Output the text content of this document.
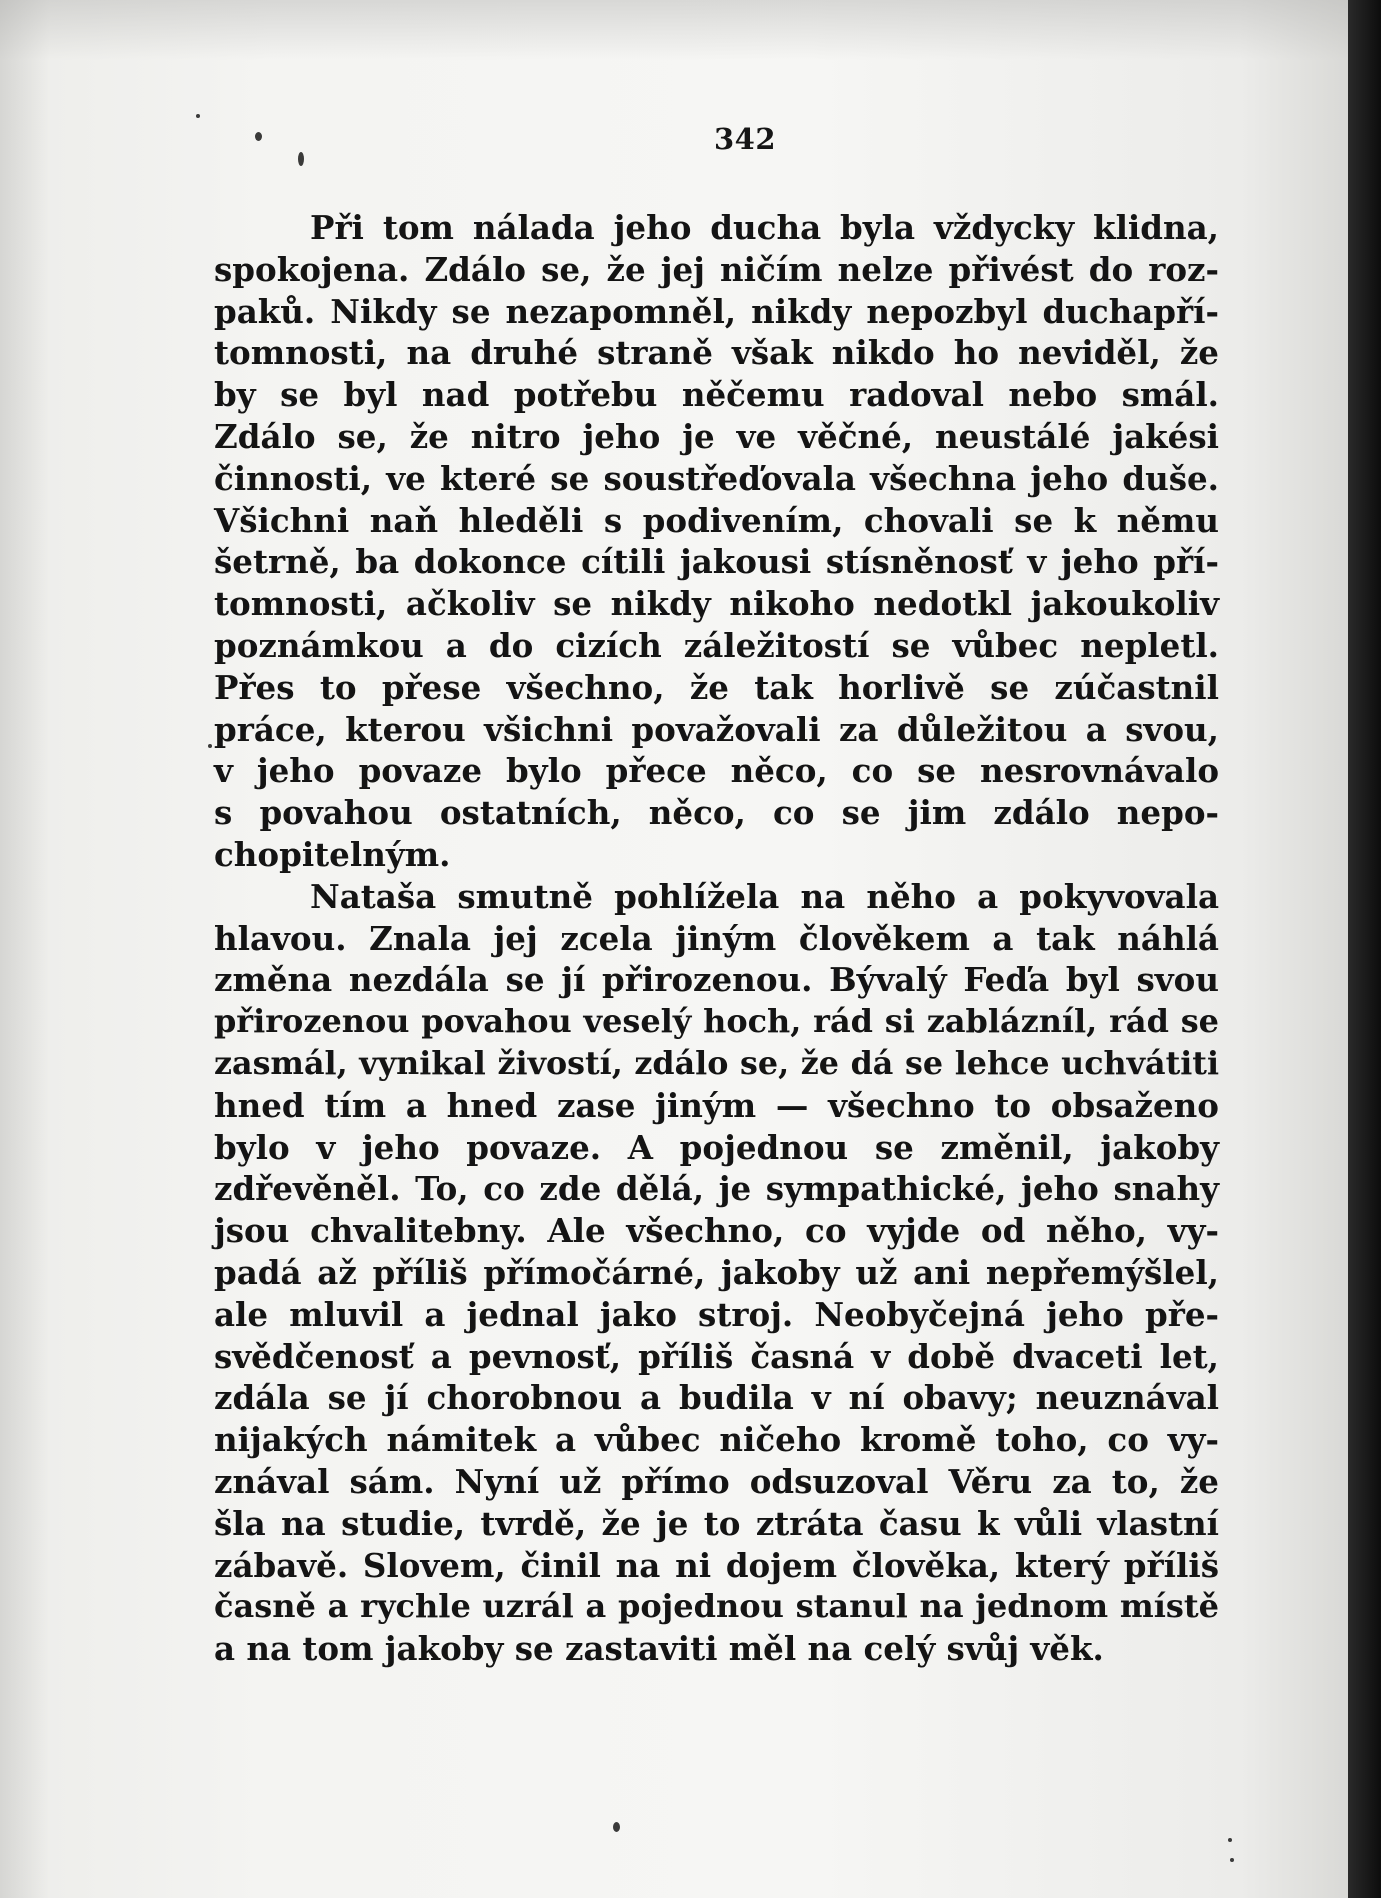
342
Při tom nálada jeho ducha byla vždycky klidna,
spokojena. Zdálo se, že jej ničím nelze přivést do roz-
paků. Nikdy se nezapomněl, nikdy nepozbyl duchapří-
tomnosti, na druhé straně však nikdo ho neviděl, že
by se byl nad potřebu něčemu radoval nebo smál.
Zdálo se, že nitro jeho je ve věčné, neustálé jakési
činnosti, ve které se soustřeďovala všechna jeho duše.
Všichni naň hleděli s podivením, chovali se k němu
šetrně, ba dokonce cítili jakousi stísněnosť v jeho pří-
tomnosti, ačkoliv se nikdy nikoho nedotkl jakoukoliv
poznámkou a do cizích záležitostí se vůbec nepletl.
Přes to přese všechno, že tak horlivě se zúčastnil
práce, kterou všichni považovali za důležitou a svou,
v jeho povaze bylo přece něco, co se nesrovnávalo
s povahou ostatních, něco, co se jim zdálo nepo-
chopitelným.
Nataša smutně pohlížela na něho a pokyvovala
hlavou. Znala jej zcela jiným člověkem a tak náhlá
změna nezdála se jí přirozenou. Bývalý Feďa byl svou
přirozenou povahou veselý hoch, rád si zablázníl, rád se
zasmál, vynikal živostí, zdálo se, že dá se lehce uchvátiti
hned tím a hned zase jiným — všechno to obsaženo
bylo v jeho povaze. A pojednou se změnil, jakoby
zdřevěněl. To, co zde dělá, je sympathické, jeho snahy
jsou chvalitebny. Ale všechno, co vyjde od něho, vy-
padá až příliš přímočárné, jakoby už ani nepřemýšlel,
ale mluvil a jednal jako stroj. Neobyčejná jeho pře-
svědčenosť a pevnosť, příliš časná v době dvaceti let,
zdála se jí chorobnou a budila v ní obavy; neuznával
nijakých námitek a vůbec ničeho kromě toho, co vy-
znával sám. Nyní už přímo odsuzoval Věru za to, že
šla na studie, tvrdě, že je to ztráta času k vůli vlastní
zábavě. Slovem, činil na ni dojem člověka, který příliš
časně a rychle uzrál a pojednou stanul na jednom místě
a na tom jakoby se zastaviti měl na celý svůj věk.
